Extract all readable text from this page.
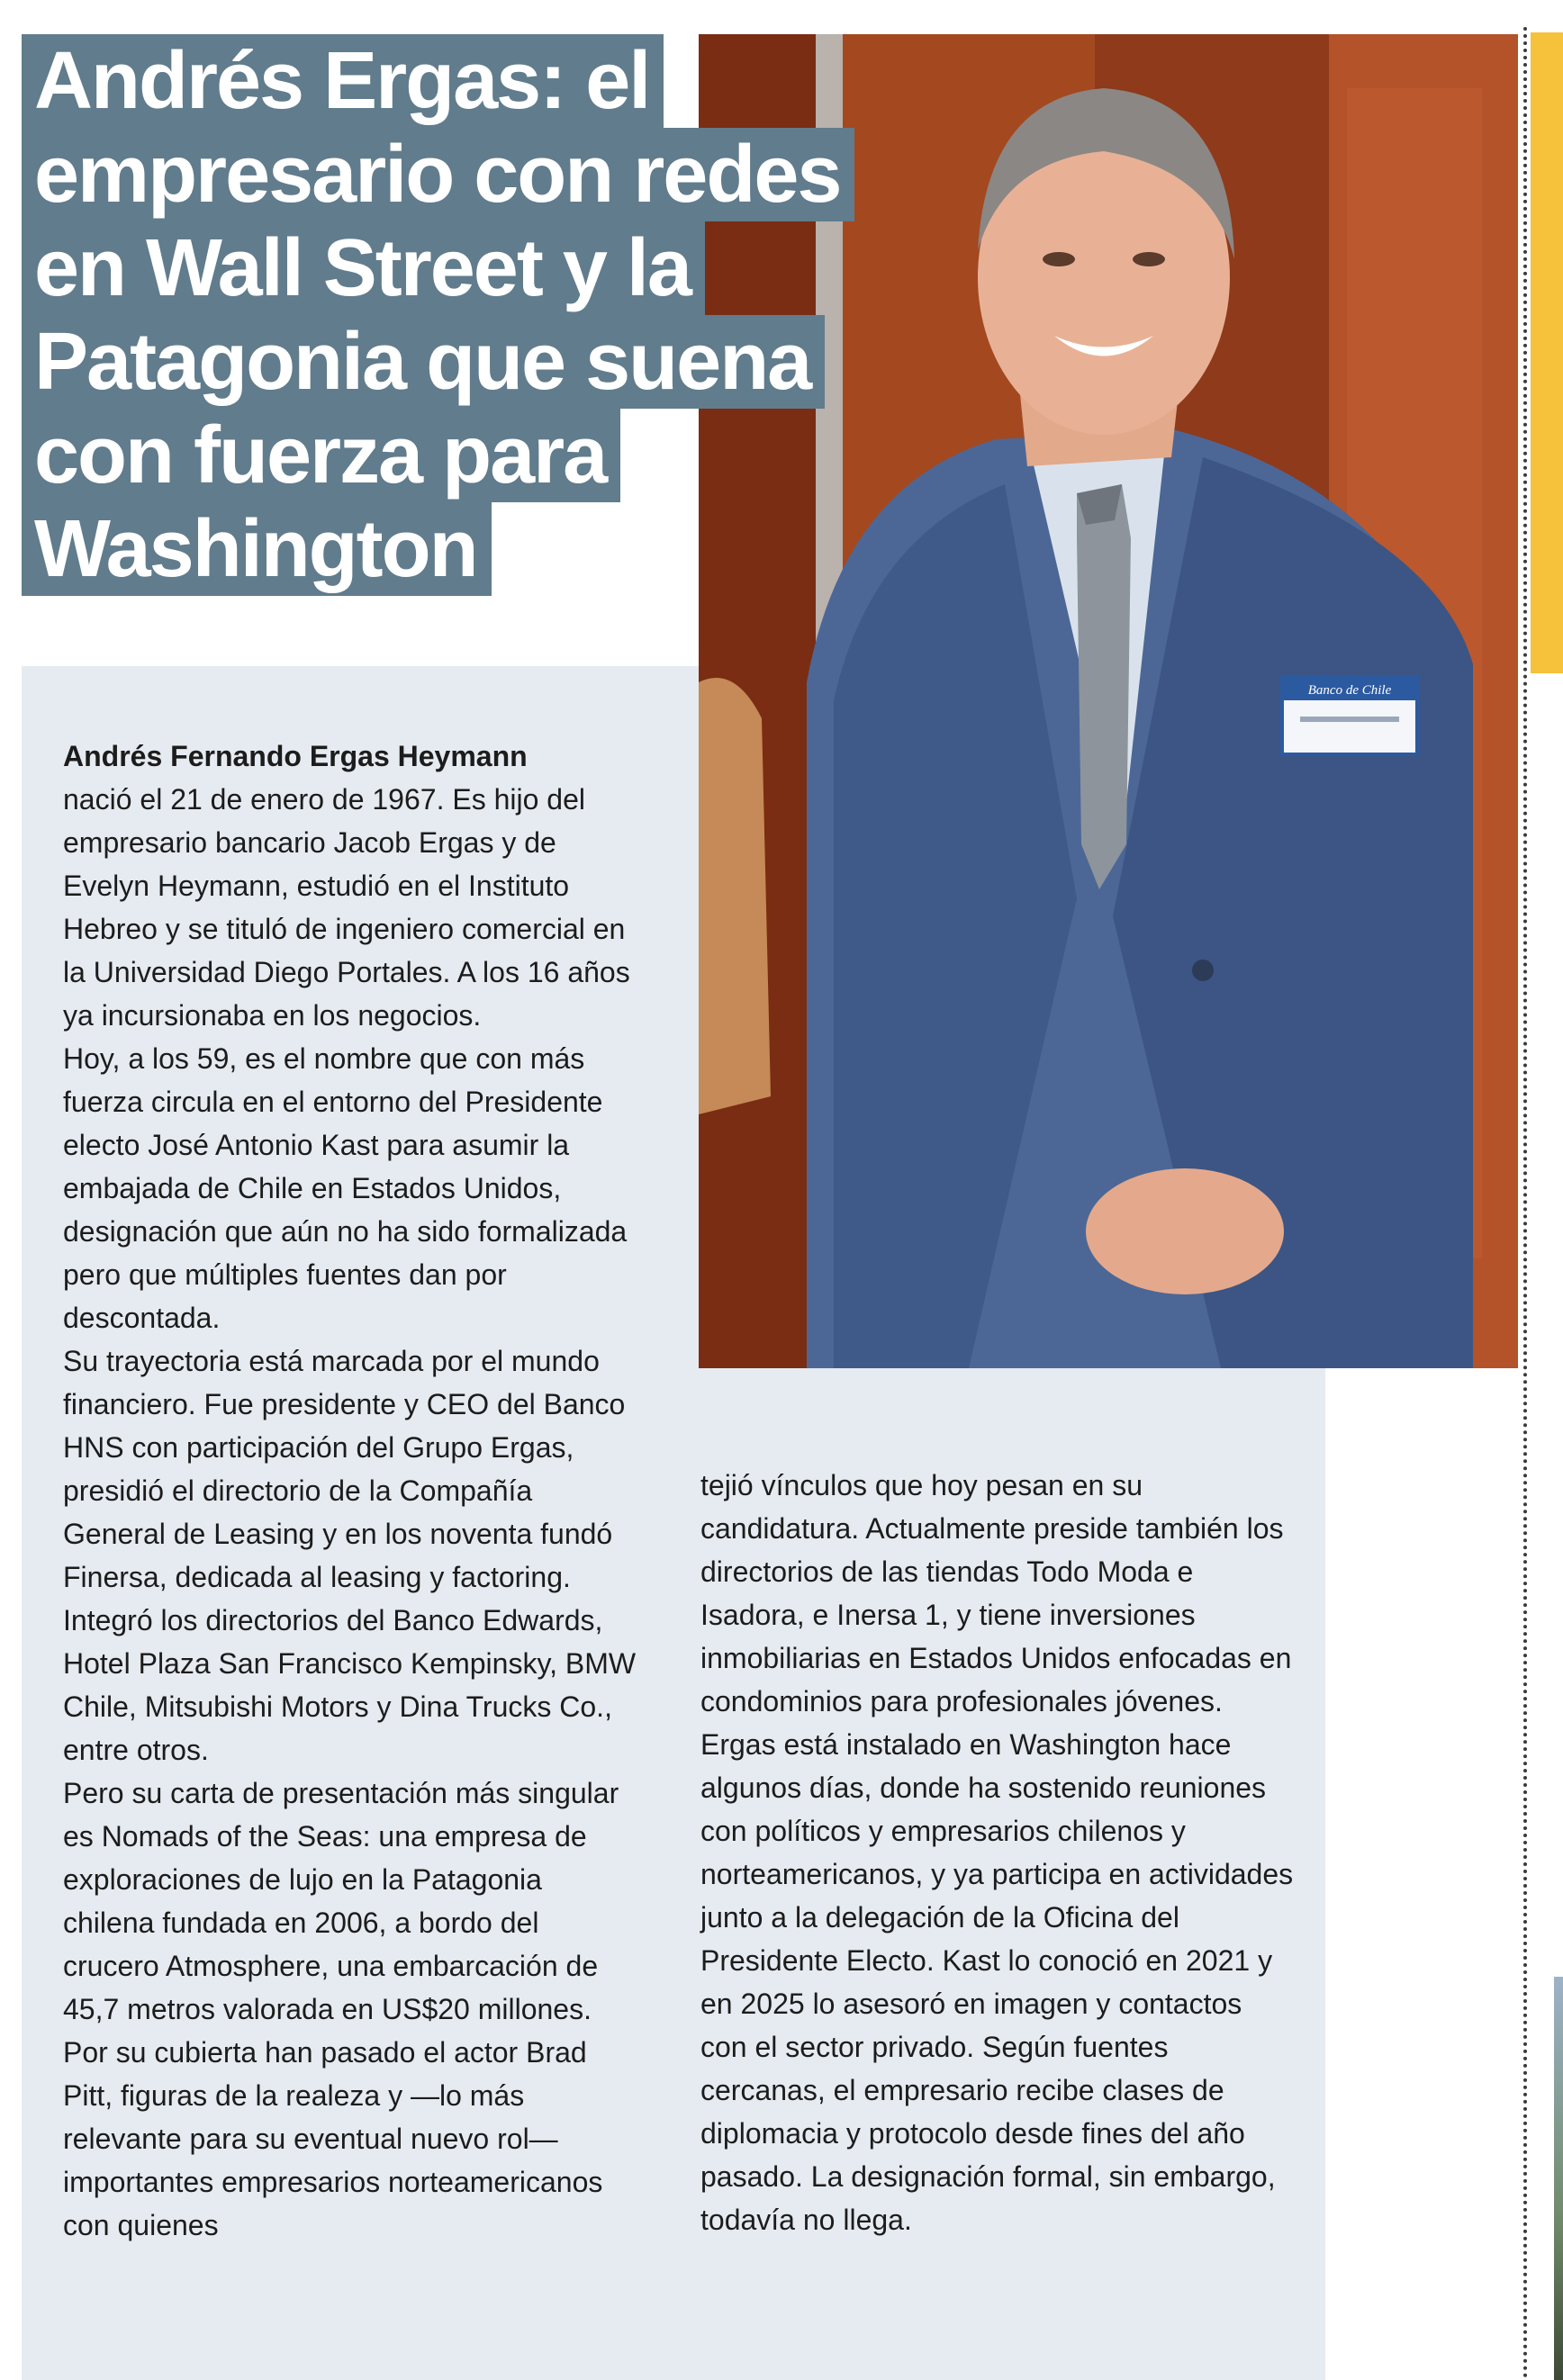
Banco de Chile
Andrés Ergas: el
empresario con redes
en Wall Street y la
Patagonia que suena
con fuerza para
Washington

Andrés Fernando Ergas Heymann
nació el 21 de enero de 1967. Es hijo del empresario bancario Jacob Ergas y de Evelyn Heymann, estudió en el Instituto Hebreo y se tituló de ingeniero comercial en la Universidad Diego Portales. A los 16 años ya incursionaba en los negocios.

Hoy, a los 59, es el nombre que con más fuerza circula en el entorno del Presidente electo José Antonio Kast para asumir la embajada de Chile en Estados Unidos, designación que aún no ha sido formalizada pero que múltiples fuentes dan por descontada.

Su trayectoria está marcada por el mundo financiero. Fue presidente y CEO del Banco HNS con participación del Grupo Ergas, presidió el directorio de la Compañía General de Leasing y en los noventa fundó Finersa, dedicada al leasing y factoring. Integró los directorios del Banco Edwards, Hotel Plaza San Francisco Kempinsky, BMW Chile, Mitsubishi Motors y Dina Trucks Co., entre otros.

Pero su carta de presentación más singular es Nomads of the Seas: una empresa de exploraciones de lujo en la Patagonia chilena fundada en 2006, a bordo del crucero Atmosphere, una embarcación de 45,7 metros valorada en US$20 millones. Por su cubierta han pasado el actor Brad Pitt, figuras de la realeza y —lo más relevante para su eventual nuevo rol— importantes empresarios norteamericanos con quienes

tejió vínculos que hoy pesan en su candidatura. Actualmente preside también los directorios de las tiendas Todo Moda e Isadora, e Inersa 1, y tiene inversiones inmobiliarias en Estados Unidos enfocadas en condominios para profesionales jóvenes.

Ergas está instalado en Washington hace algunos días, donde ha sostenido reuniones con políticos y empresarios chilenos y norteamericanos, y ya participa en actividades junto a la delegación de la Oficina del Presidente Electo. Kast lo conoció en 2021 y en 2025 lo asesoró en imagen y contactos con el sector privado. Según fuentes cercanas, el empresario recibe clases de diplomacia y protocolo desde fines del año pasado. La designación formal, sin embargo, todavía no llega.
